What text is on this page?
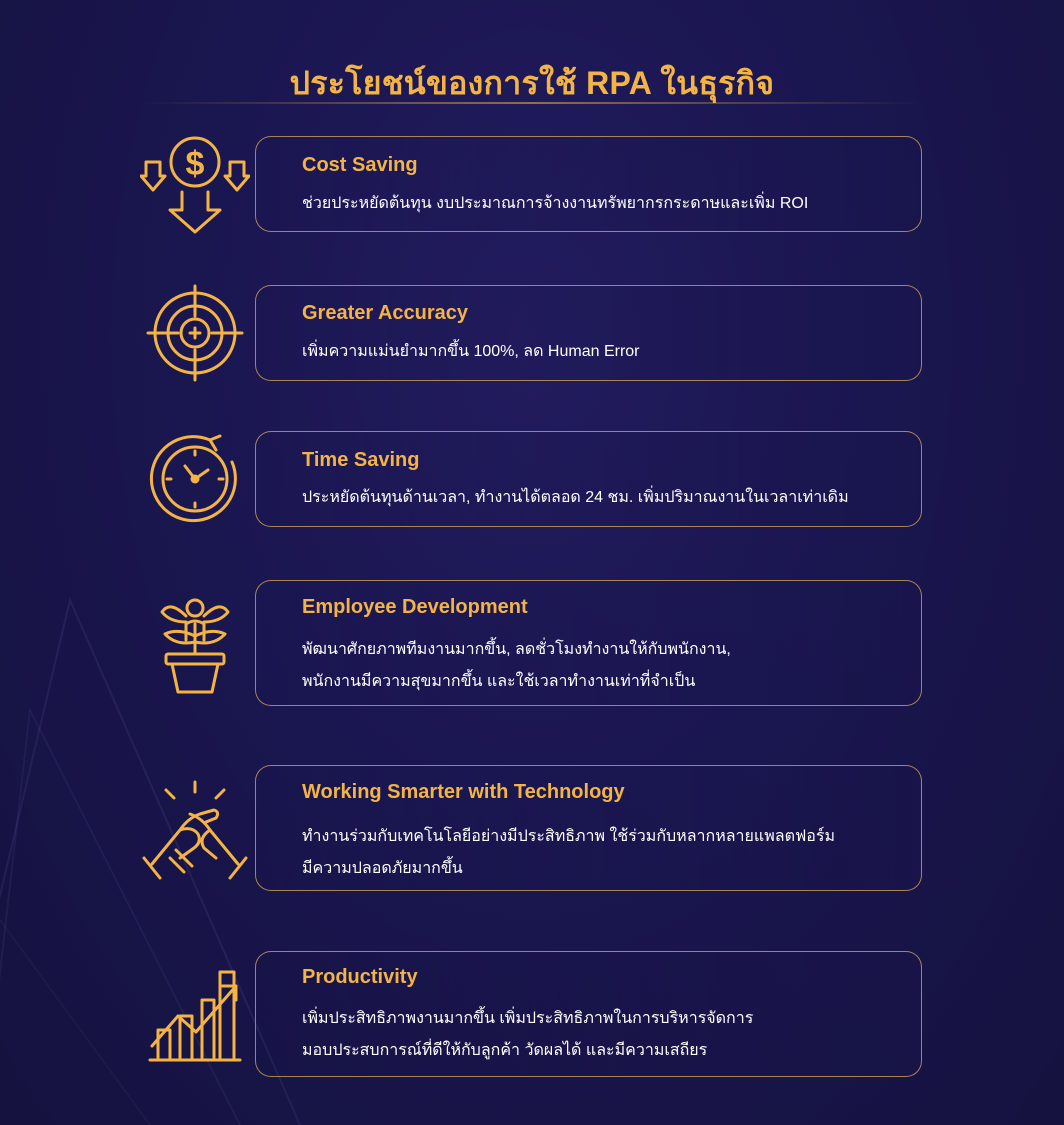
ประโยชน์ของการใช้ RPA ในธุรกิจ
$	Cost Saving
ช่วยประหยัดต้นทุน งบประมาณการจ้างงานทรัพยากรกระดาษและเพิ่ม ROI
Greater Accuracy
เพิ่มความแม่นยำมากขึ้น 100%, ลด Human Error
Time Saving
ประหยัดต้นทุนด้านเวลา, ทำงานได้ตลอด 24 ชม. เพิ่มปริมาณงานในเวลาเท่าเดิม
Employee Development
พัฒนาศักยภาพทีมงานมากขึ้น, ลดชั่วโมงทำงานให้กับพนักงาน,
พนักงานมีความสุขมากขึ้น และใช้เวลาทำงานเท่าที่จำเป็น
Working Smarter with Technology
ทำงานร่วมกับเทคโนโลยีอย่างมีประสิทธิภาพ ใช้ร่วมกับหลากหลายแพลตฟอร์ม
มีความปลอดภัยมากขึ้น
Productivity
เพิ่มประสิทธิภาพงานมากขึ้น เพิ่มประสิทธิภาพในการบริหารจัดการ
มอบประสบการณ์ที่ดีให้กับลูกค้า วัดผลได้ และมีความเสถียร
